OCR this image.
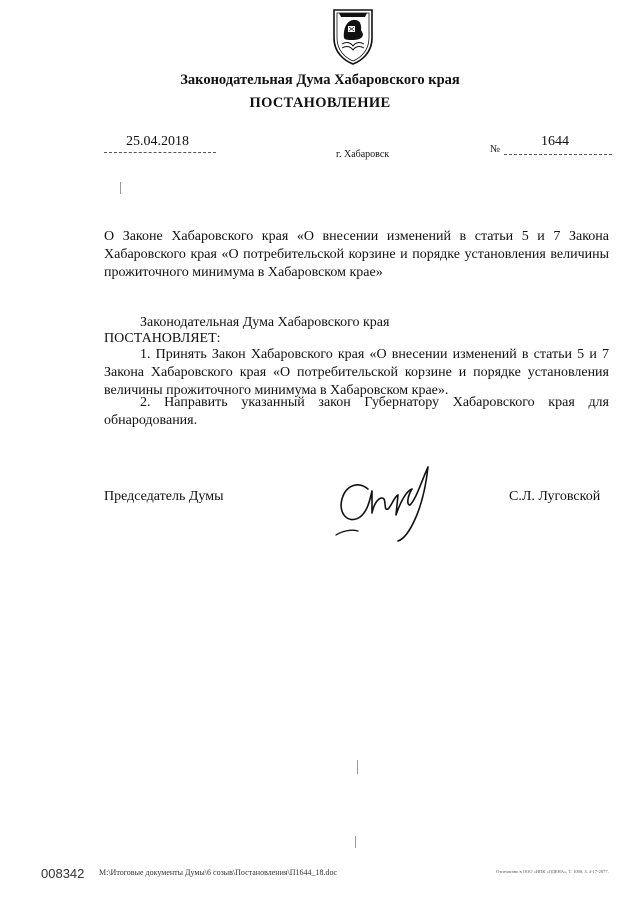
Законодательная Дума Хабаровского края
ПОСТАНОВЛЕНИЕ
25.04.2018
г. Хабаровск	№
1644
О Законе Хабаровского края «О внесении изменений в статьи 5 и 7 Закона Хабаровского края «О потребительской корзине и порядке установления величины прожиточного минимума в Хабаровском крае»
Законодательная Дума Хабаровского края
ПОСТАНОВЛЯЕТ:
1. Принять Закон Хабаровского края «О внесении изменений в статьи 5 и 7 Закона Хабаровского края «О потребительской корзине и порядке установления величины прожиточного минимума в Хабаровском крае».
2. Направить указанный закон Губернатору Хабаровского края для обнародования.
Председатель Думы	С.Л. Луговской
008342 М:\Итоговые документы Думы\6 созыв\Постановления\П1644_18.doc	Отпечатано в ООО «ИПК «ОДЕНА», Т. 1000, З. 4-17-2077.
